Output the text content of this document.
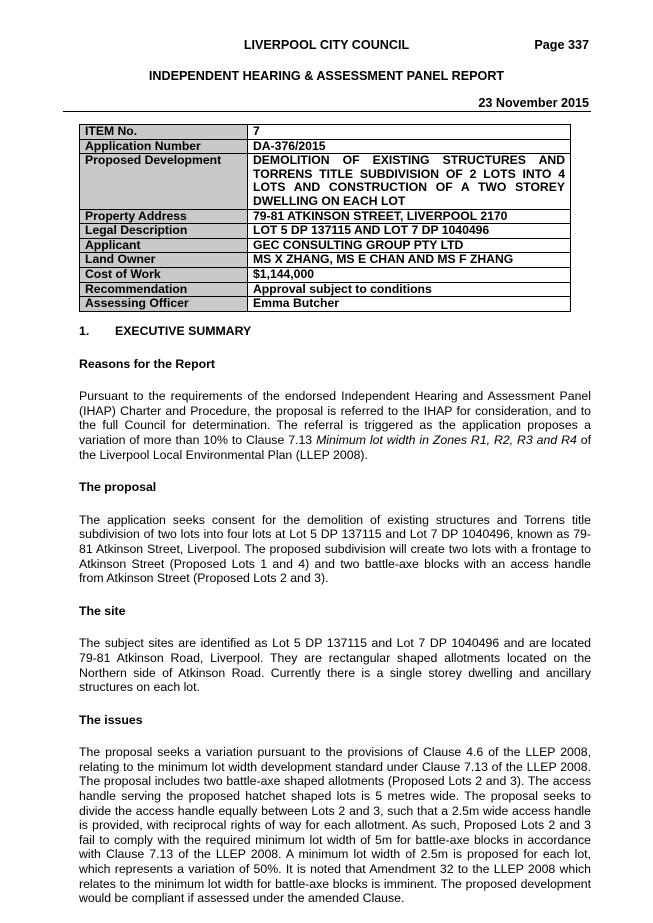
LIVERPOOL CITY COUNCIL	Page 337
INDEPENDENT HEARING & ASSESSMENT PANEL REPORT
23 November 2015
ITEM No.	7
Application Number	DA-376/2015
Proposed Development	DEMOLITION OF EXISTING STRUCTURES AND TORRENS TITLE SUBDIVISION OF 2 LOTS INTO 4 LOTS AND CONSTRUCTION OF A TWO STOREY DWELLING ON EACH LOT
Property Address	79-81 ATKINSON STREET, LIVERPOOL 2170
Legal Description	LOT 5 DP 137115 AND LOT 7 DP 1040496
Applicant	GEC CONSULTING GROUP PTY LTD
Land Owner	MS X ZHANG, MS E CHAN AND MS F ZHANG
Cost of Work	$1,144,000
Recommendation	Approval subject to conditions
Assessing Officer	Emma Butcher

1. EXECUTIVE SUMMARY

Reasons for the Report

Pursuant to the requirements of the endorsed Independent Hearing and Assessment Panel (IHAP) Charter and Procedure, the proposal is referred to the IHAP for consideration, and to the full Council for determination. The referral is triggered as the application proposes a variation of more than 10% to Clause 7.13 Minimum lot width in Zones R1, R2, R3 and R4 of the Liverpool Local Environmental Plan (LLEP 2008).

The proposal

The application seeks consent for the demolition of existing structures and Torrens title subdivision of two lots into four lots at Lot 5 DP 137115 and Lot 7 DP 1040496, known as 79-81 Atkinson Street, Liverpool. The proposed subdivision will create two lots with a frontage to Atkinson Street (Proposed Lots 1 and 4) and two battle-axe blocks with an access handle from Atkinson Street (Proposed Lots 2 and 3).

The site

The subject sites are identified as Lot 5 DP 137115 and Lot 7 DP 1040496 and are located 79-81 Atkinson Road, Liverpool. They are rectangular shaped allotments located on the Northern side of Atkinson Road. Currently there is a single storey dwelling and ancillary structures on each lot.

The issues

The proposal seeks a variation pursuant to the provisions of Clause 4.6 of the LLEP 2008, relating to the minimum lot width development standard under Clause 7.13 of the LLEP 2008. The proposal includes two battle-axe shaped allotments (Proposed Lots 2 and 3). The access handle serving the proposed hatchet shaped lots is 5 metres wide. The proposal seeks to divide the access handle equally between Lots 2 and 3, such that a 2.5m wide access handle is provided, with reciprocal rights of way for each allotment. As such, Proposed Lots 2 and 3 fail to comply with the required minimum lot width of 5m for battle-axe blocks in accordance with Clause 7.13 of the LLEP 2008. A minimum lot width of 2.5m is proposed for each lot, which represents a variation of 50%. It is noted that Amendment 32 to the LLEP 2008 which relates to the minimum lot width for battle-axe blocks is imminent. The proposed development would be compliant if assessed under the amended Clause.
